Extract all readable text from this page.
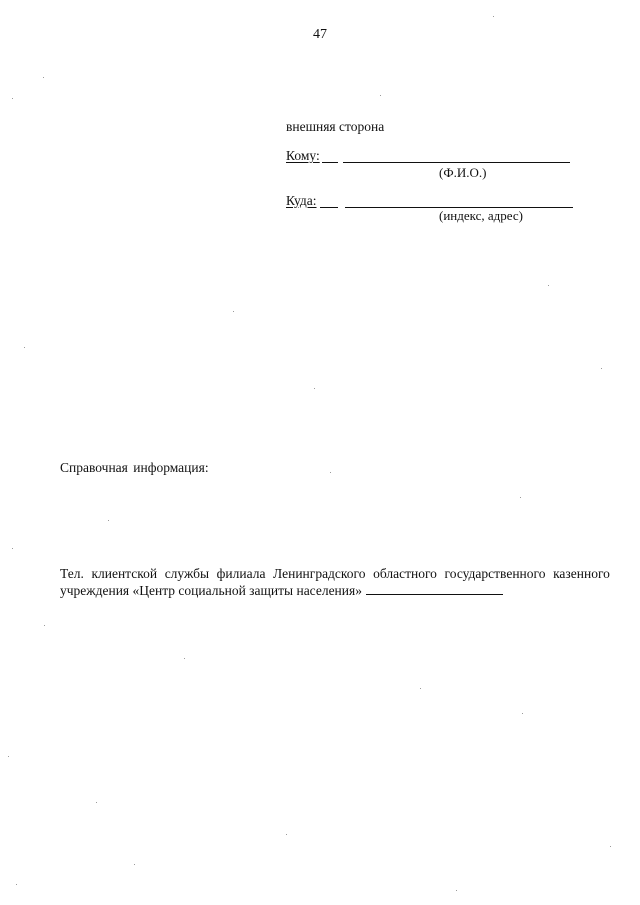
47
внешняя сторона
Кому:
(Ф.И.О.)
Куда:
(индекс, адрес)
Справочная информация:
Тел. клиентской службы филиала Ленинградского областного государственного казенного
учреждения «Центр социальной защиты населения»
